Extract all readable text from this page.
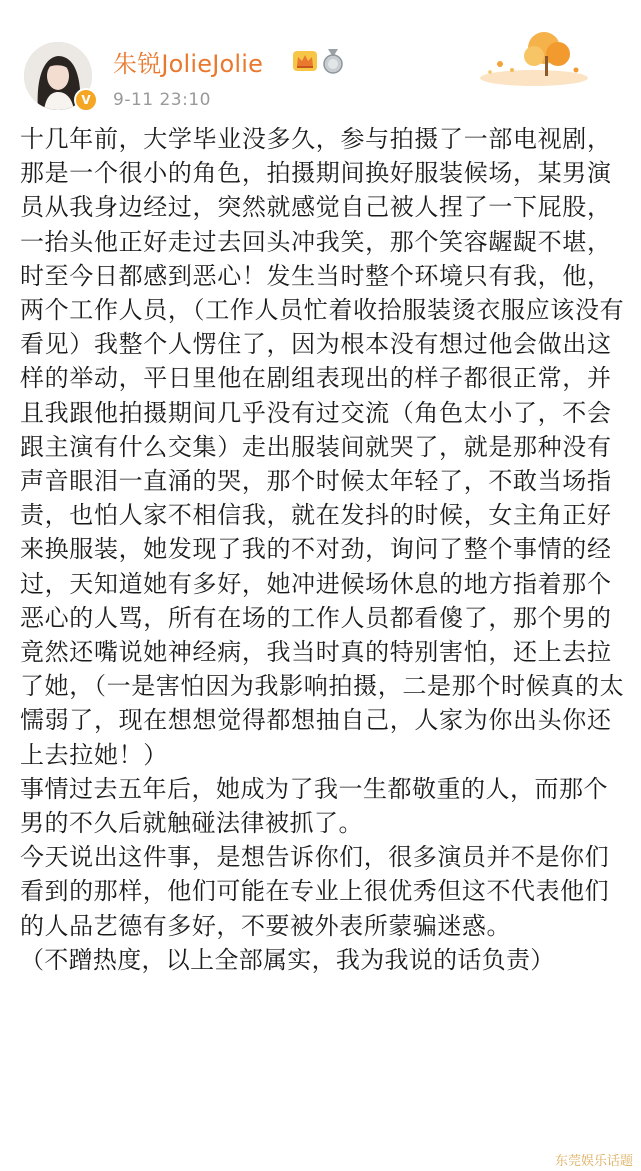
V
朱锐JolieJolie
9-11 23:10

十几年前，大学毕业没多久，参与拍摄了一部电视剧，那是一个很小的角色，拍摄期间换好服装候场，某男演员从我身边经过，突然就感觉自己被人捏了一下屁股，一抬头他正好走过去回头冲我笑，那个笑容龌龊不堪，时至今日都感到恶心！发生当时整个环境只有我，他，两个工作人员，（工作人员忙着收拾服装烫衣服应该没有看见）我整个人愣住了，因为根本没有想过他会做出这样的举动，平日里他在剧组表现出的样子都很正常，并且我跟他拍摄期间几乎没有过交流（角色太小了，不会跟主演有什么交集）走出服装间就哭了，就是那种没有声音眼泪一直涌的哭，那个时候太年轻了，不敢当场指责，也怕人家不相信我，就在发抖的时候，女主角正好来换服装，她发现了我的不对劲，询问了整个事情的经过，天知道她有多好，她冲进候场休息的地方指着那个恶心的人骂，所有在场的工作人员都看傻了，那个男的竟然还嘴说她神经病，我当时真的特别害怕，还上去拉了她，（一是害怕因为我影响拍摄，二是那个时候真的太懦弱了，现在想想觉得都想抽自己，人家为你出头你还上去拉她！）

事情过去五年后，她成为了我一生都敬重的人，而那个男的不久后就触碰法律被抓了。

今天说出这件事，是想告诉你们，很多演员并不是你们看到的那样，他们可能在专业上很优秀但这不代表他们的人品艺德有多好，不要被外表所蒙骗迷惑。

（不蹭热度，以上全部属实，我为我说的话负责）

东莞娱乐话题
